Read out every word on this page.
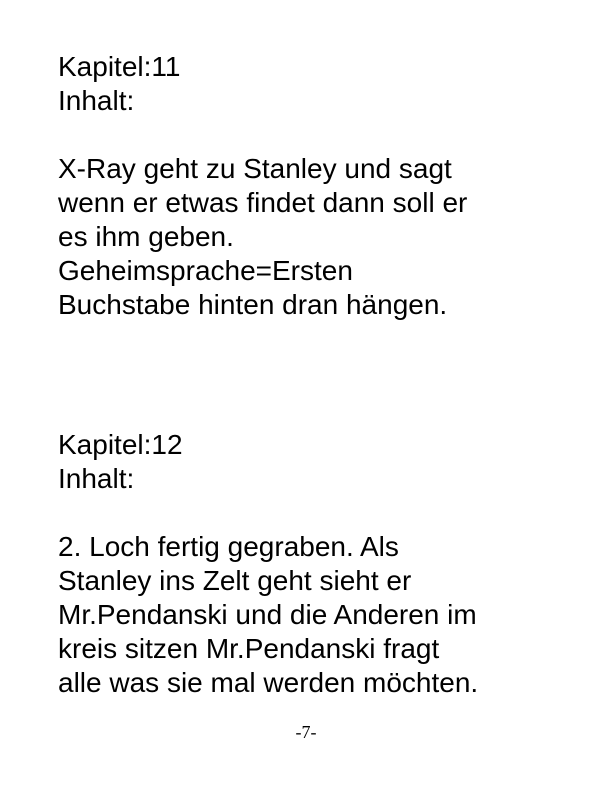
Kapitel:11
Inhalt:
X-Ray geht zu Stanley und sagt
wenn er etwas findet dann soll er
es ihm geben.
Geheimsprache=Ersten
Buchstabe hinten dran hängen.
Kapitel:12
Inhalt:
2. Loch fertig gegraben. Als
Stanley ins Zelt geht sieht er
Mr.Pendanski und die Anderen im
kreis sitzen Mr.Pendanski fragt
alle was sie mal werden möchten.
-7-
